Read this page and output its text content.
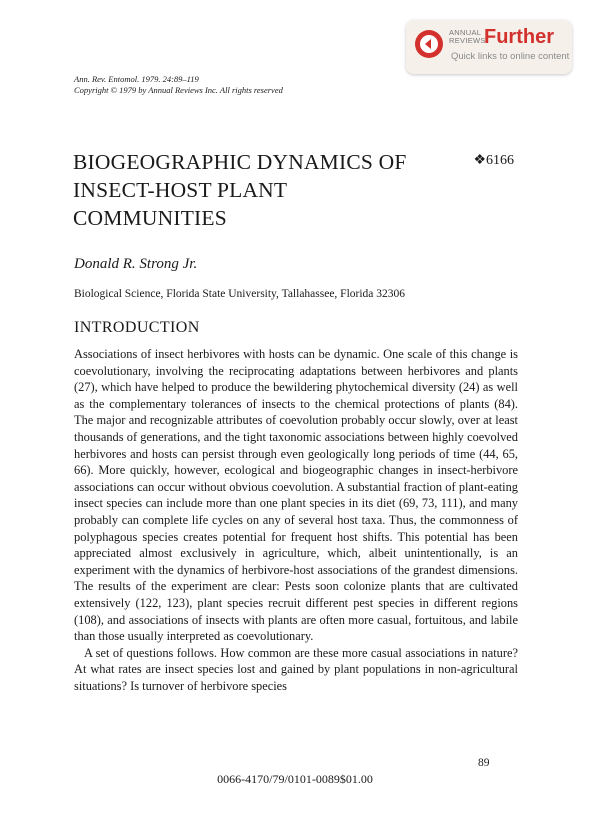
ANNUAL
REVIEWS
Further
Quick links to online content
Ann. Rev. Entomol. 1979. 24:89–119
Copyright © 1979 by Annual Reviews Inc. All rights reserved
BIOGEOGRAPHIC DYNAMICS OF INSECT-HOST PLANT COMMUNITIES
❖6166
Donald R. Strong Jr.
Biological Science, Florida State University, Tallahassee, Florida 32306
INTRODUCTION

Associations of insect herbivores with hosts can be dynamic. One scale of this change is coevolutionary, involving the reciprocating adaptations between herbivores and plants (27), which have helped to produce the bewildering phytochemical diversity (24) as well as the complementary tolerances of insects to the chemical protections of plants (84). The major and recognizable attributes of coevolution probably occur slowly, over at least thousands of generations, and the tight taxonomic associations between highly coevolved herbivores and hosts can persist through even geologically long periods of time (44, 65, 66). More quickly, however, ecological and biogeographic changes in insect-herbivore associations can occur without obvious coevolution. A substantial fraction of plant-eating insect species can include more than one plant species in its diet (69, 73, 111), and many probably can complete life cycles on any of several host taxa. Thus, the commonness of polyphagous species creates potential for frequent host shifts. This potential has been appreciated almost exclusively in agriculture, which, albeit unintentionally, is an experiment with the dynamics of herbivore-host associations of the grandest dimensions. The results of the experiment are clear: Pests soon colonize plants that are cultivated extensively (122, 123), plant species recruit different pest species in different regions (108), and associations of insects with plants are often more casual, fortuitous, and labile than those usually interpreted as coevolutionary.

A set of questions follows. How common are these more casual associations in nature? At what rates are insect species lost and gained by plant populations in non-agricultural situations? Is turnover of herbivore species

89
0066-4170/79/0101-0089$01.00
